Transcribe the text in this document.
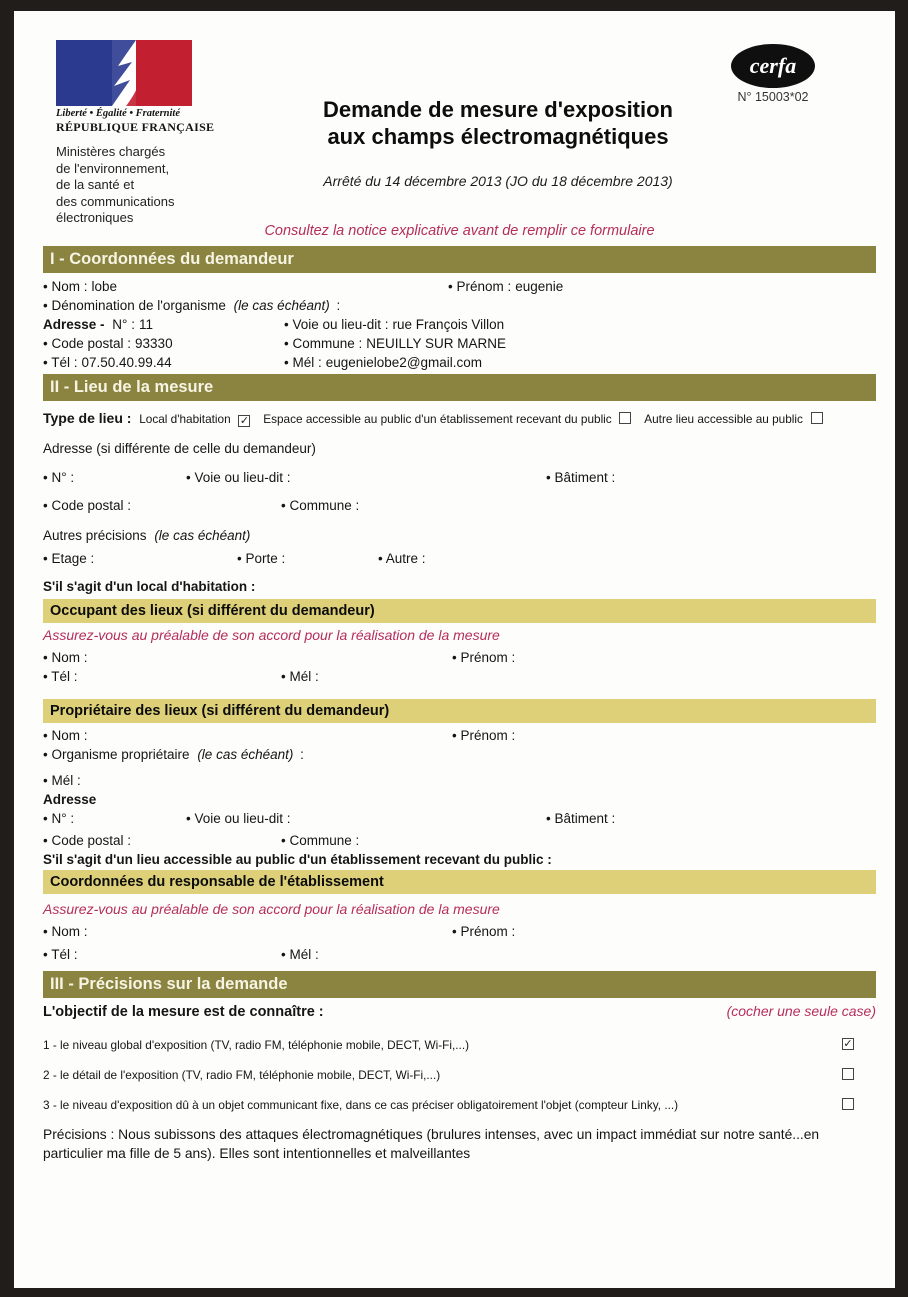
Liberté • Égalité • Fraternité
RÉPUBLIQUE FRANÇAISE
Ministères chargés
de l'environnement,
de la santé et
des communications
électroniques
Demande de mesure d'exposition
aux champs électromagnétiques
Arrêté du 14 décembre 2013 (JO du 18 décembre 2013)
cerfa
N° 15003*02
Consultez la notice explicative avant de remplir ce formulaire
I - Coordonnées du demandeur
• Nom : lobe	• Prénom : eugenie
• Dénomination de l'organisme (le cas échéant) :
Adresse - N° : 11	• Voie ou lieu-dit : rue François Villon
• Code postal : 93330	• Commune : NEUILLY SUR MARNE
• Tél : 07.50.40.99.44	• Mél : eugenielobe2@gmail.com
II - Lieu de la mesure
Type de lieu : Local d'habitation ✓ Espace accessible au public d'un établissement recevant du public	Autre lieu accessible au public
Adresse (si différente de celle du demandeur)
• N° :	• Voie ou lieu-dit :	• Bâtiment :
• Code postal :	• Commune :
Autres précisions (le cas échéant)
• Etage :	• Porte :	• Autre :
S'il s'agit d'un local d'habitation :
Occupant des lieux (si différent du demandeur)
Assurez-vous au préalable de son accord pour la réalisation de la mesure
• Nom :	• Prénom :
• Tél :	• Mél :
Propriétaire des lieux (si différent du demandeur)
• Nom :	• Prénom :
• Organisme propriétaire (le cas échéant) :
• Mél :
Adresse
• N° :	• Voie ou lieu-dit :	• Bâtiment :
• Code postal :	• Commune :
S'il s'agit d'un lieu accessible au public d'un établissement recevant du public :
Coordonnées du responsable de l'établissement
Assurez-vous au préalable de son accord pour la réalisation de la mesure
• Nom :	• Prénom :
• Tél :	• Mél :
III - Précisions sur la demande
L'objectif de la mesure est de connaître :	(cocher une seule case)
1 - le niveau global d'exposition (TV, radio FM, téléphonie mobile, DECT, Wi-Fi,...)	✓
2 - le détail de l'exposition (TV, radio FM, téléphonie mobile, DECT, Wi-Fi,...)
3 - le niveau d'exposition dû à un objet communicant fixe, dans ce cas préciser obligatoirement l'objet (compteur Linky, ...)
Précisions : Nous subissons des attaques électromagnétiques (brulures intenses, avec un impact immédiat sur notre santé...en particulier ma fille de 5 ans). Elles sont intentionnelles et malveillantes
